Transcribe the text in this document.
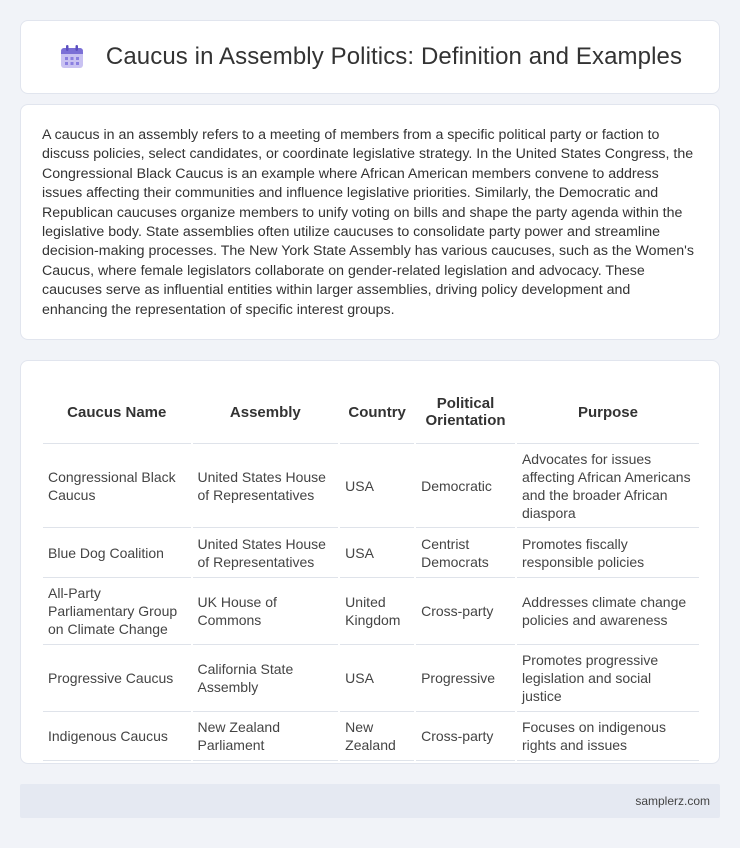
Caucus in Assembly Politics: Definition and Examples

A caucus in an assembly refers to a meeting of members from a specific political party or faction to discuss policies, select candidates, or coordinate legislative strategy. In the United States Congress, the Congressional Black Caucus is an example where African American members convene to address issues affecting their communities and influence legislative priorities. Similarly, the Democratic and Republican caucuses organize members to unify voting on bills and shape the party agenda within the legislative body. State assemblies often utilize caucuses to consolidate party power and streamline decision-making processes. The New York State Assembly has various caucuses, such as the Women's Caucus, where female legislators collaborate on gender-related legislation and advocacy. These caucuses serve as influential entities within larger assemblies, driving policy development and enhancing the representation of specific interest groups.

Caucus Name	Assembly	Country	Political Orientation	Purpose
Congressional Black Caucus	United States House of Representatives	USA	Democratic	Advocates for issues affecting African Americans and the broader African diaspora
Blue Dog Coalition	United States House of Representatives	USA	Centrist Democrats	Promotes fiscally responsible policies
All-Party Parliamentary Group on Climate Change	UK House of Commons	United Kingdom	Cross-party	Addresses climate change policies and awareness
Progressive Caucus	California State Assembly	USA	Progressive	Promotes progressive legislation and social justice
Indigenous Caucus	New Zealand Parliament	New Zealand	Cross-party	Focuses on indigenous rights and issues
samplerz.com
